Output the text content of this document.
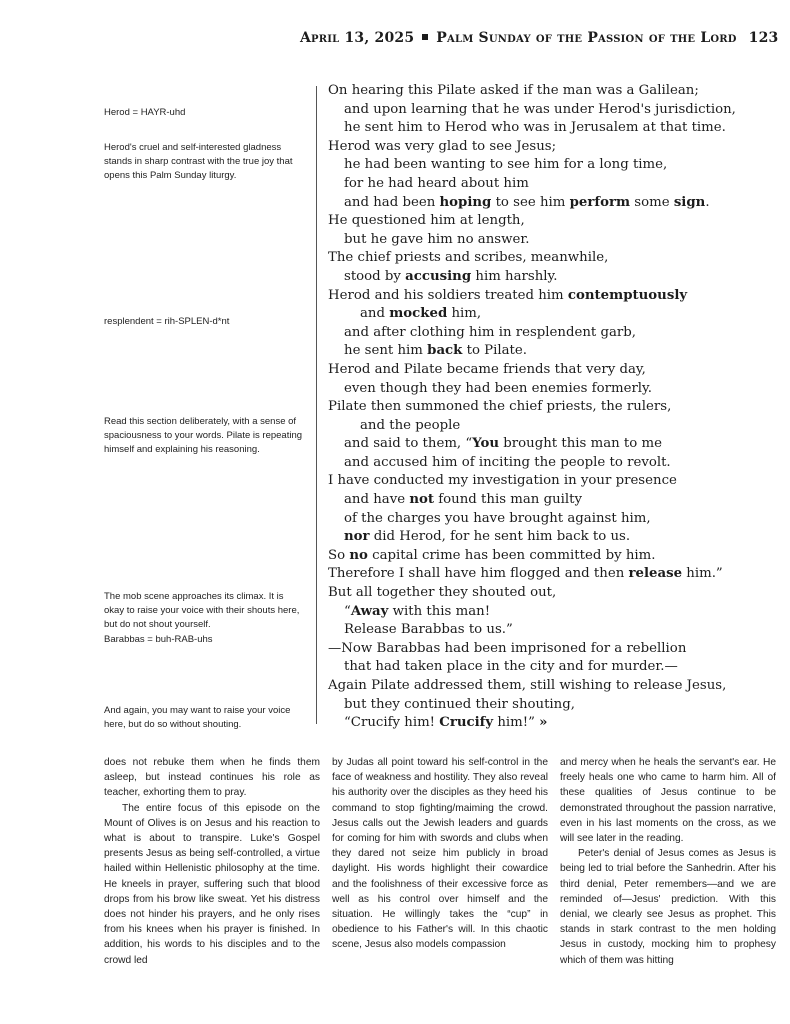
April 13, 2025 Palm Sunday of the Passion of the Lord 123
Herod = HAYR-uhd
Herod's cruel and self-interested gladness stands in sharp contrast with the true joy that opens this Palm Sunday liturgy.
resplendent = rih-SPLEN-d*nt
Read this section deliberately, with a sense of spaciousness to your words. Pilate is repeating himself and explaining his reasoning.
The mob scene approaches its climax. It is okay to raise your voice with their shouts here, but do not shout yourself.
Barabbas = buh-RAB-uhs
And again, you may want to raise your voice here, but do so without shouting.

On hearing this Pilate asked if the man was a Galilean;

and upon learning that he was under Herod's jurisdiction,

he sent him to Herod who was in Jerusalem at that time.

Herod was very glad to see Jesus;

he had been wanting to see him for a long time,

for he had heard about him

and had been hoping to see him perform some sign.

He questioned him at length,

but he gave him no answer.

The chief priests and scribes, meanwhile,

stood by accusing him harshly.

Herod and his soldiers treated him contemptuously

and mocked him,

and after clothing him in resplendent garb,

he sent him back to Pilate.

Herod and Pilate became friends that very day,

even though they had been enemies formerly.

Pilate then summoned the chief priests, the rulers,

and the people

and said to them, “You brought this man to me

and accused him of inciting the people to revolt.

I have conducted my investigation in your presence

and have not found this man guilty

of the charges you have brought against him,

nor did Herod, for he sent him back to us.

So no capital crime has been committed by him.

Therefore I shall have him flogged and then release him.”

But all together they shouted out,

“Away with this man!

Release Barabbas to us.”

—Now Barabbas had been imprisoned for a rebellion

that had taken place in the city and for murder.—

Again Pilate addressed them, still wishing to release Jesus,

but they continued their shouting,

“Crucify him! Crucify him!” »

does not rebuke them when he finds them asleep, but instead continues his role as teacher, exhorting them to pray.

The entire focus of this episode on the Mount of Olives is on Jesus and his reaction to what is about to transpire. Luke's Gospel presents Jesus as being self-controlled, a virtue hailed within Hellenistic philosophy at the time. He kneels in prayer, suffering such that blood drops from his brow like sweat. Yet his distress does not hinder his prayers, and he only rises from his knees when his prayer is finished. In addition, his words to his disciples and to the crowd led

by Judas all point toward his self-control in the face of weakness and hostility. They also reveal his authority over the disciples as they heed his command to stop fighting/maiming the crowd. Jesus calls out the Jewish leaders and guards for coming for him with swords and clubs when they dared not seize him publicly in broad daylight. His words highlight their cowardice and the foolishness of their excessive force as well as his control over himself and the situation. He willingly takes the “cup” in obedience to his Father's will. In this chaotic scene, Jesus also models compassion

and mercy when he heals the servant's ear. He freely heals one who came to harm him. All of these qualities of Jesus continue to be demonstrated throughout the passion narrative, even in his last moments on the cross, as we will see later in the reading.

Peter's denial of Jesus comes as Jesus is being led to trial before the Sanhedrin. After his third denial, Peter remembers—and we are reminded of—Jesus' prediction. With this denial, we clearly see Jesus as prophet. This stands in stark contrast to the men holding Jesus in custody, mocking him to prophesy which of them was hitting
